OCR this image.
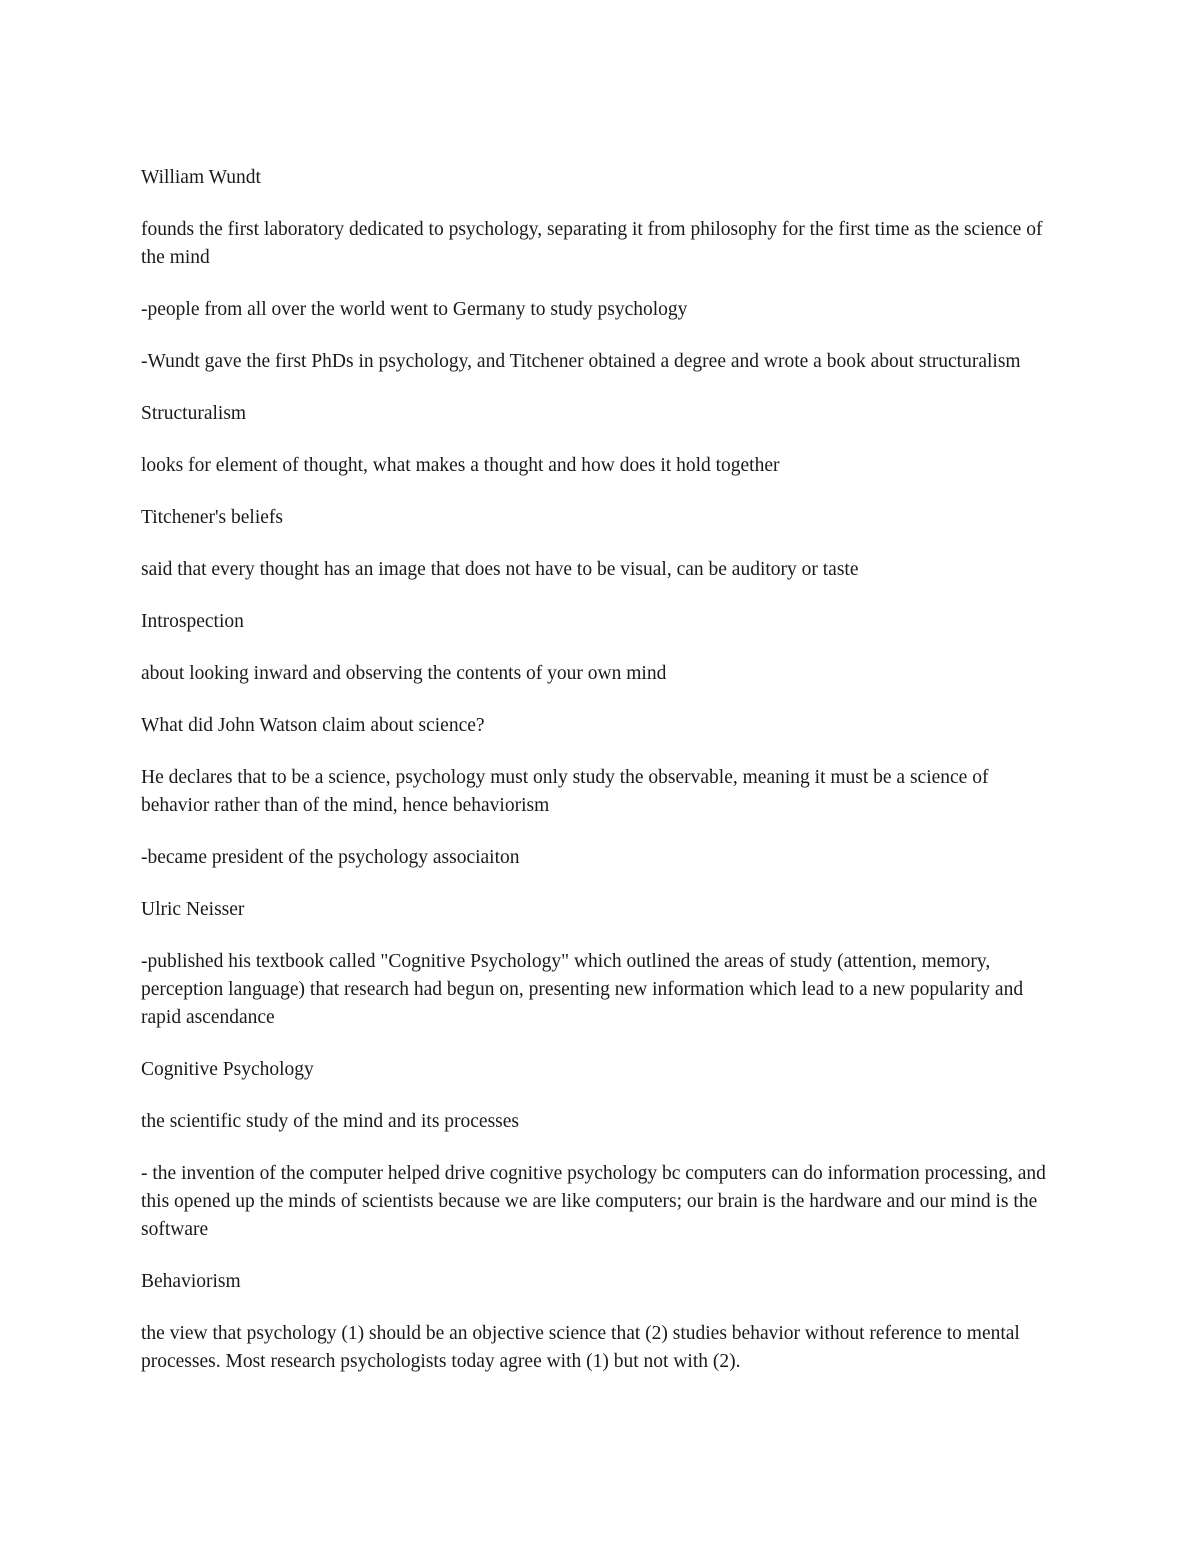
William Wundt

founds the first laboratory dedicated to psychology, separating it from philosophy for the first time as the science of the mind

-people from all over the world went to Germany to study psychology

-Wundt gave the first PhDs in psychology, and Titchener obtained a degree and wrote a book about structuralism

Structuralism

looks for element of thought, what makes a thought and how does it hold together

Titchener's beliefs

said that every thought has an image that does not have to be visual, can be auditory or taste

Introspection

about looking inward and observing the contents of your own mind

What did John Watson claim about science?

He declares that to be a science, psychology must only study the observable, meaning it must be a science of behavior rather than of the mind, hence behaviorism

-became president of the psychology associaiton

Ulric Neisser

-published his textbook called "Cognitive Psychology" which outlined the areas of study (attention, memory, perception language) that research had begun on, presenting new information which lead to a new popularity and rapid ascendance

Cognitive Psychology

the scientific study of the mind and its processes

- the invention of the computer helped drive cognitive psychology bc computers can do information processing, and this opened up the minds of scientists because we are like computers; our brain is the hardware and our mind is the software

Behaviorism

the view that psychology (1) should be an objective science that (2) studies behavior without reference to mental processes. Most research psychologists today agree with (1) but not with (2).
